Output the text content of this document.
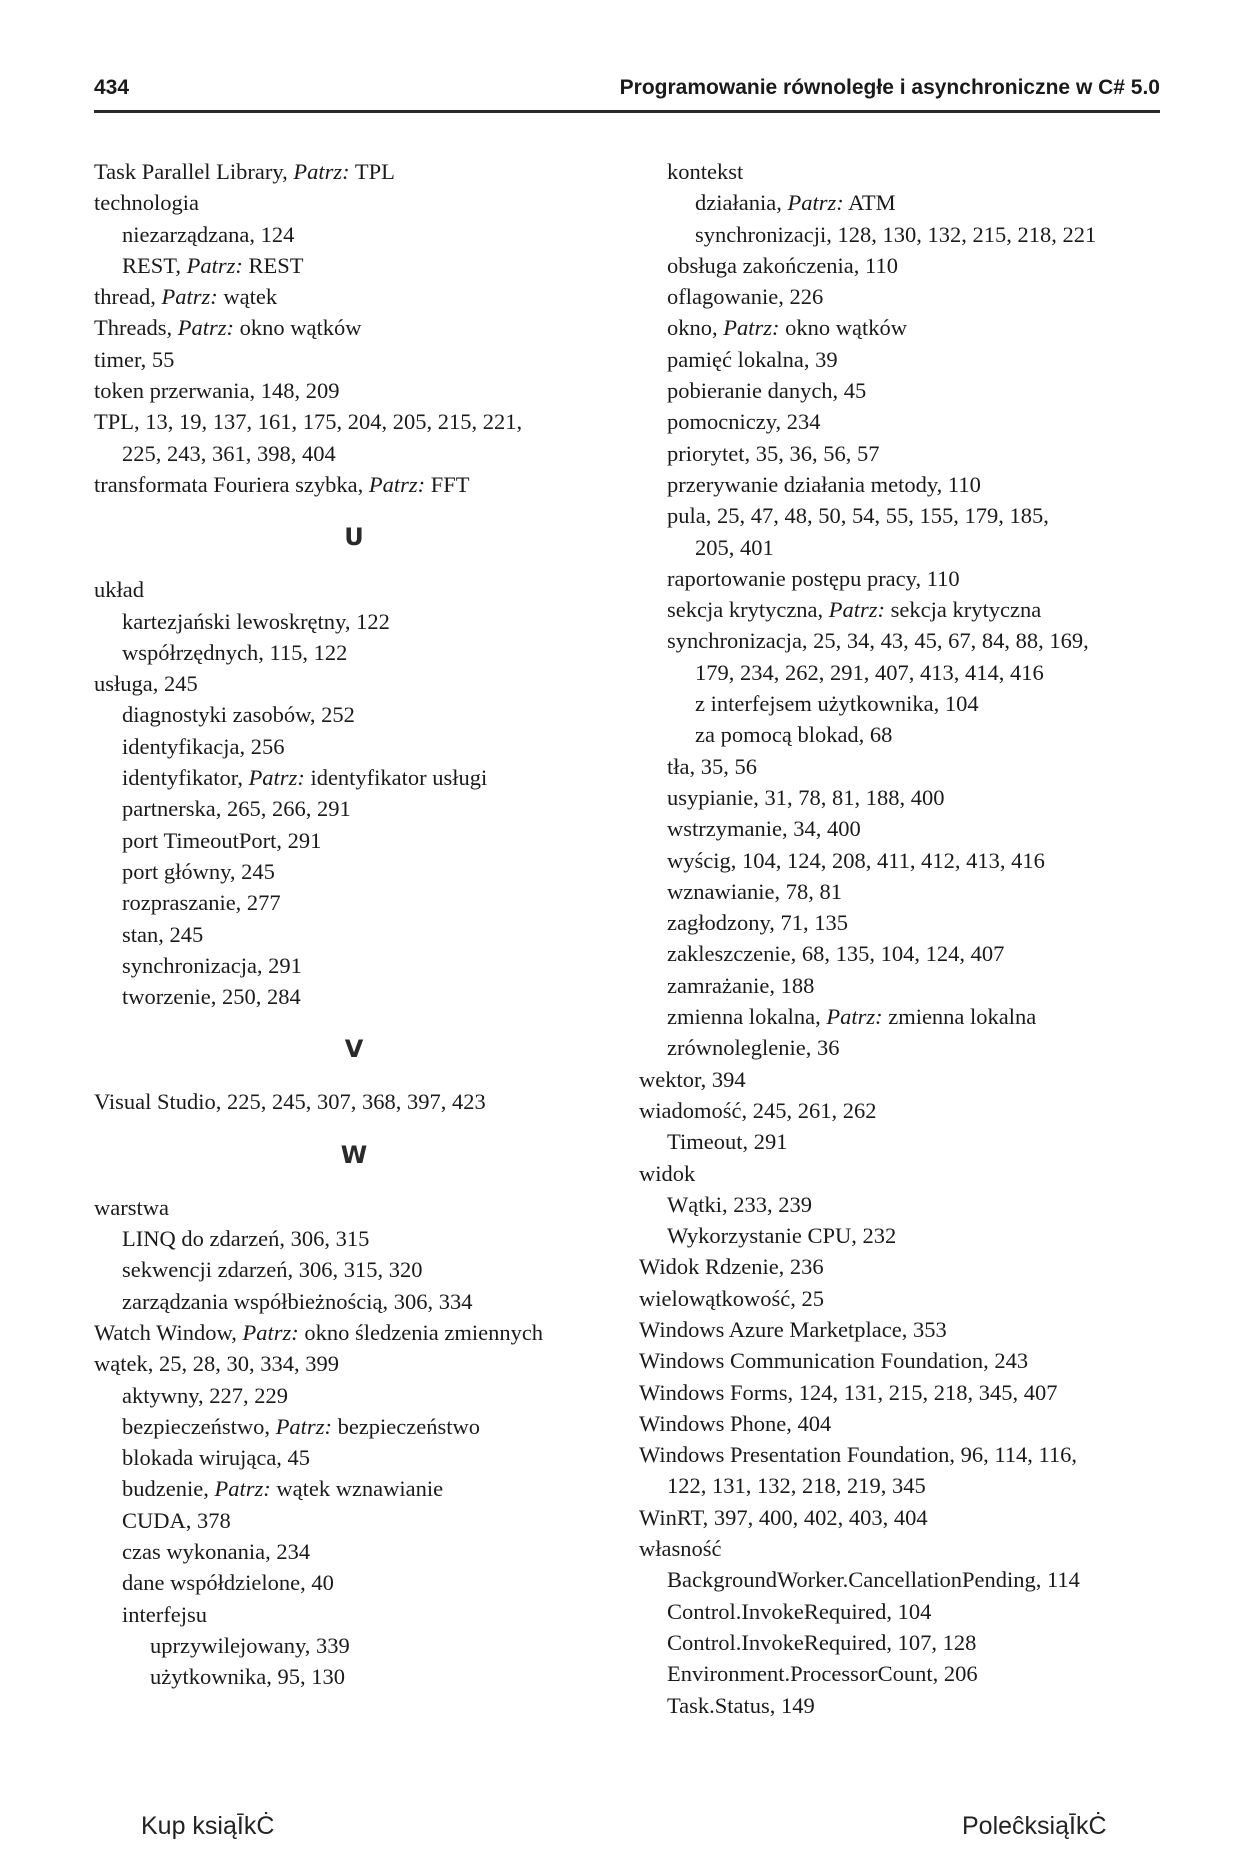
434	Programowanie równoległe i asynchroniczne w C# 5.0
Task Parallel Library, Patrz: TPL
technologia
niezarządzana, 124
REST, Patrz: REST
thread, Patrz: wątek
Threads, Patrz: okno wątków
timer, 55
token przerwania, 148, 209
TPL, 13, 19, 137, 161, 175, 204, 205, 215, 221,
225, 243, 361, 398, 404
transformata Fouriera szybka, Patrz: FFT
U
układ
kartezjański lewoskrętny, 122
współrzędnych, 115, 122
usługa, 245
diagnostyki zasobów, 252
identyfikacja, 256
identyfikator, Patrz: identyfikator usługi
partnerska, 265, 266, 291
port TimeoutPort, 291
port główny, 245
rozpraszanie, 277
stan, 245
synchronizacja, 291
tworzenie, 250, 284
V
Visual Studio, 225, 245, 307, 368, 397, 423
W
warstwa
LINQ do zdarzeń, 306, 315
sekwencji zdarzeń, 306, 315, 320
zarządzania współbieżnością, 306, 334
Watch Window, Patrz: okno śledzenia zmiennych
wątek, 25, 28, 30, 334, 399
aktywny, 227, 229
bezpieczeństwo, Patrz: bezpieczeństwo
blokada wirująca, 45
budzenie, Patrz: wątek wznawianie
CUDA, 378
czas wykonania, 234
dane współdzielone, 40
interfejsu
uprzywilejowany, 339
użytkownika, 95, 130
kontekst
działania, Patrz: ATM
synchronizacji, 128, 130, 132, 215, 218, 221
obsługa zakończenia, 110
oflagowanie, 226
okno, Patrz: okno wątków
pamięć lokalna, 39
pobieranie danych, 45
pomocniczy, 234
priorytet, 35, 36, 56, 57
przerywanie działania metody, 110
pula, 25, 47, 48, 50, 54, 55, 155, 179, 185,
205, 401
raportowanie postępu pracy, 110
sekcja krytyczna, Patrz: sekcja krytyczna
synchronizacja, 25, 34, 43, 45, 67, 84, 88, 169,
179, 234, 262, 291, 407, 413, 414, 416
z interfejsem użytkownika, 104
za pomocą blokad, 68
tła, 35, 56
usypianie, 31, 78, 81, 188, 400
wstrzymanie, 34, 400
wyścig, 104, 124, 208, 411, 412, 413, 416
wznawianie, 78, 81
zagłodzony, 71, 135
zakleszczenie, 68, 135, 104, 124, 407
zamrażanie, 188
zmienna lokalna, Patrz: zmienna lokalna
zrównoleglenie, 36
wektor, 394
wiadomość, 245, 261, 262
Timeout, 291
widok
Wątki, 233, 239
Wykorzystanie CPU, 232
Widok Rdzenie, 236
wielowątkowość, 25
Windows Azure Marketplace, 353
Windows Communication Foundation, 243
Windows Forms, 124, 131, 215, 218, 345, 407
Windows Phone, 404
Windows Presentation Foundation, 96, 114, 116,
122, 131, 132, 218, 219, 345
WinRT, 397, 400, 402, 403, 404
własność
BackgroundWorker.CancellationPending, 114
Control.InvokeRequired, 104
Control.InvokeRequired, 107, 128
Environment.ProcessorCount, 206
Task.Status, 149
Kup ksiąĪkĊ	PoleĉksiąĪkĊ
